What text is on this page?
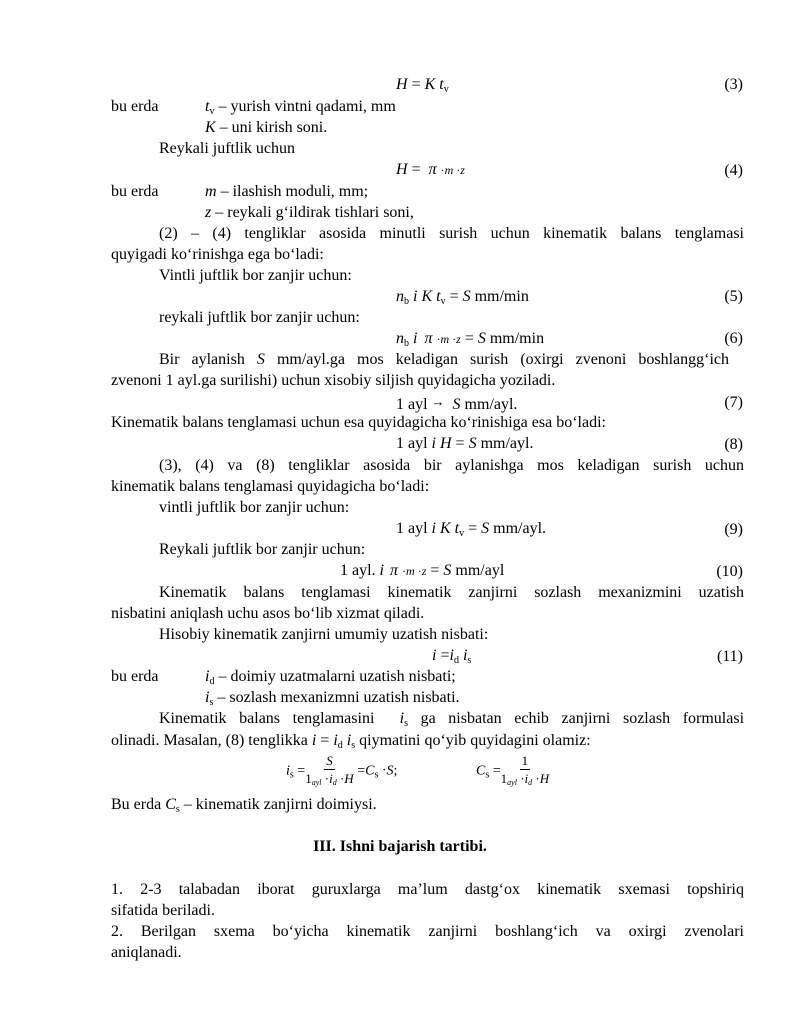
H = K $t_v$	(3)
bu erda	$t_v$ – yurish vintni qadami, mm
K – uni kirish soni.
Reykali juftlik uchun
H = π ·m ·z	(4)
bu erda	m – ilashish moduli, mm;
z – reykali g‘ildirak tishlari soni,
(2) – (4) tengliklar asosida minutli surish uchun kinematik balans tenglamasi
quyigadi ko‘rinishga ega bo‘ladi:
Vintli juftlik bor zanjir uchun:
$n_b$ i K $t_v = S$ mm/min	(5)
reykali juftlik bor zanjir uchun:
$n_b$ i π ·m ·z = S mm/min	(6)
Bir aylanish S mm/ayl.ga mos keladigan surish (oxirgi zvenoni boshlangg‘ich
zvenoni 1 ayl.ga surilishi) uchun xisobiy siljish quyidagicha yoziladi.
1 ayl → S mm/ayl.	(7)
Kinematik balans tenglamasi uchun esa quyidagicha ko‘rinishiga esa bo‘ladi:
1 ayl i H = S mm/ayl.	(8)
(3), (4) va (8) tengliklar asosida bir aylanishga mos keladigan surish uchun
kinematik balans tenglamasi quyidagicha bo‘ladi:
vintli juftlik bor zanjir uchun:
1 ayl i K $t_v = S$ mm/ayl.	(9)
Reykali juftlik bor zanjir uchun:
1 ayl. i π ·m ·z = S mm/ayl	(10)
Kinematik balans tenglamasi kinematik zanjirni sozlash mexanizmini uzatish
nisbatini aniqlash uchu asos bo‘lib xizmat qiladi.
Hisobiy kinematik zanjirni umumiy uzatish nisbati:
$i =i_d$ $i_s$	(11)
bu erda	$i_d$ – doimiy uzatmalarni uzatish nisbati;
$i_s$ – sozlash mexanizmni uzatish nisbati.
Kinematik balans tenglamasini  $i_s$ ga nisbatan echib zanjirni sozlash formulasi
olinadi. Masalan, (8) tenglikka $i = i_d$ $i_s$ qiymatini qo‘yib quyidagini olamiz:
$i_s = \frac{S}{\text{1ayl ·id ·H}} =C_s \cdot S$;	$C_s = \frac{1}{\text{1ayl ·id ·H}}$
Bu erda $C_s$ – kinematik zanjirni doimiysi.
III. Ishni bajarish tartibi.
1. 2-3 talabadan iborat guruxlarga ma’lum dastg‘ox kinematik sxemasi topshiriq
sifatida beriladi.
2. Berilgan sxema bo‘yicha kinematik zanjirni boshlang‘ich va oxirgi zvenolari
aniqlanadi.
